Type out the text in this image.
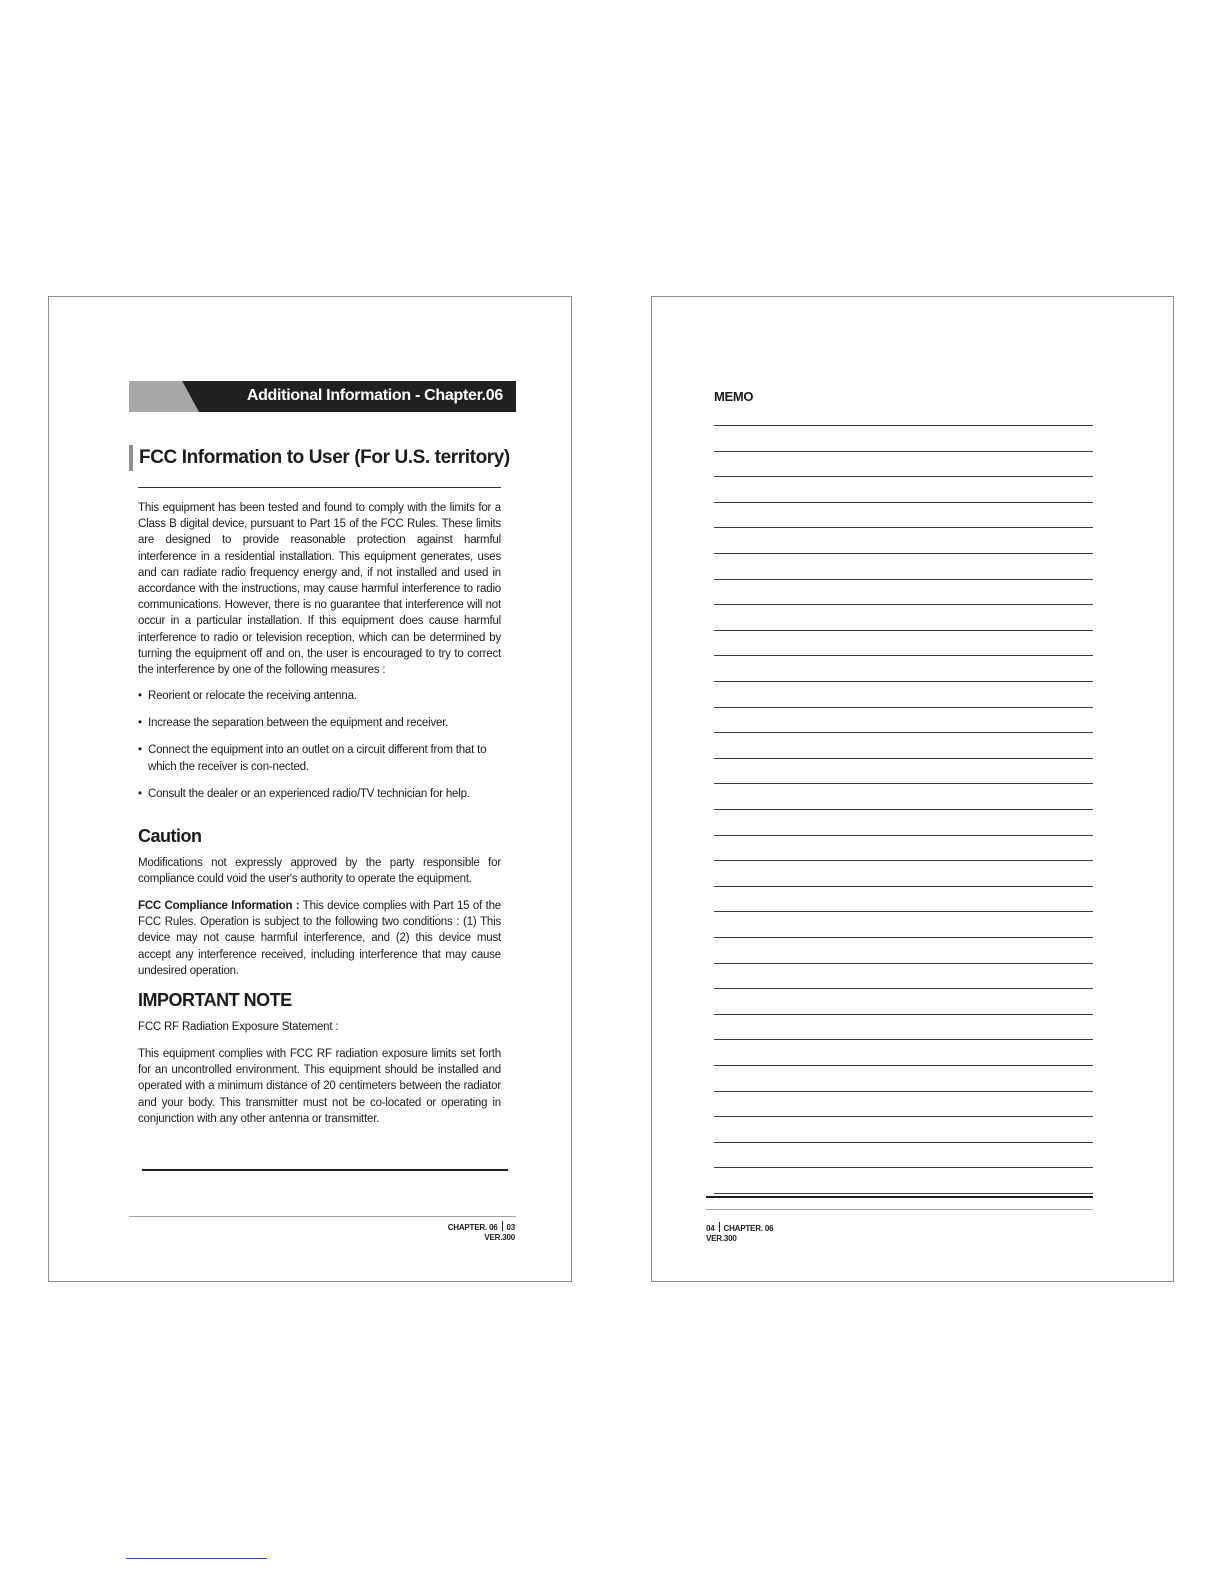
Additional Information - Chapter.06
FCC Information to User (For U.S. territory)
This equipment has been tested and found to comply with the limits for a Class B digital device, pursuant to Part 15 of the FCC Rules. These limits are designed to provide reasonable protection against harmful interference in a residential installation. This equipment generates, uses and can radiate radio frequency energy and, if not installed and used in accordance with the instructions, may cause harmful interference to radio communications. However, there is no guarantee that interference will not occur in a particular installation. If this equipment does cause harmful interference to radio or television reception, which can be determined by turning the equipment off and on, the user is encouraged to try to correct the interference by one of the following measures :
• Reorient or relocate the receiving antenna.
• Increase the separation between the equipment and receiver.
• Connect the equipment into an outlet on a circuit different from that to which the receiver is con-nected.
• Consult the dealer or an experienced radio/TV technician for help.
Caution
Modifications not expressly approved by the party responsible for compliance could void the user's authority to operate the equipment.
FCC Compliance Information : This device complies with Part 15 of the FCC Rules. Operation is subject to the following two conditions : (1) This device may not cause harmful interference, and (2) this device must accept any interference received, including interference that may cause undesired operation.
IMPORTANT NOTE
FCC RF Radiation Exposure Statement :
This equipment complies with FCC RF radiation exposure limits set forth for an uncontrolled environment. This equipment should be installed and operated with a minimum distance of 20 centimeters between the radiator and your body. This transmitter must not be co-located or operating in conjunction with any other antenna or transmitter.
CHAPTER. 06 03
VER.300
MEMO
04 CHAPTER. 06
VER.300
